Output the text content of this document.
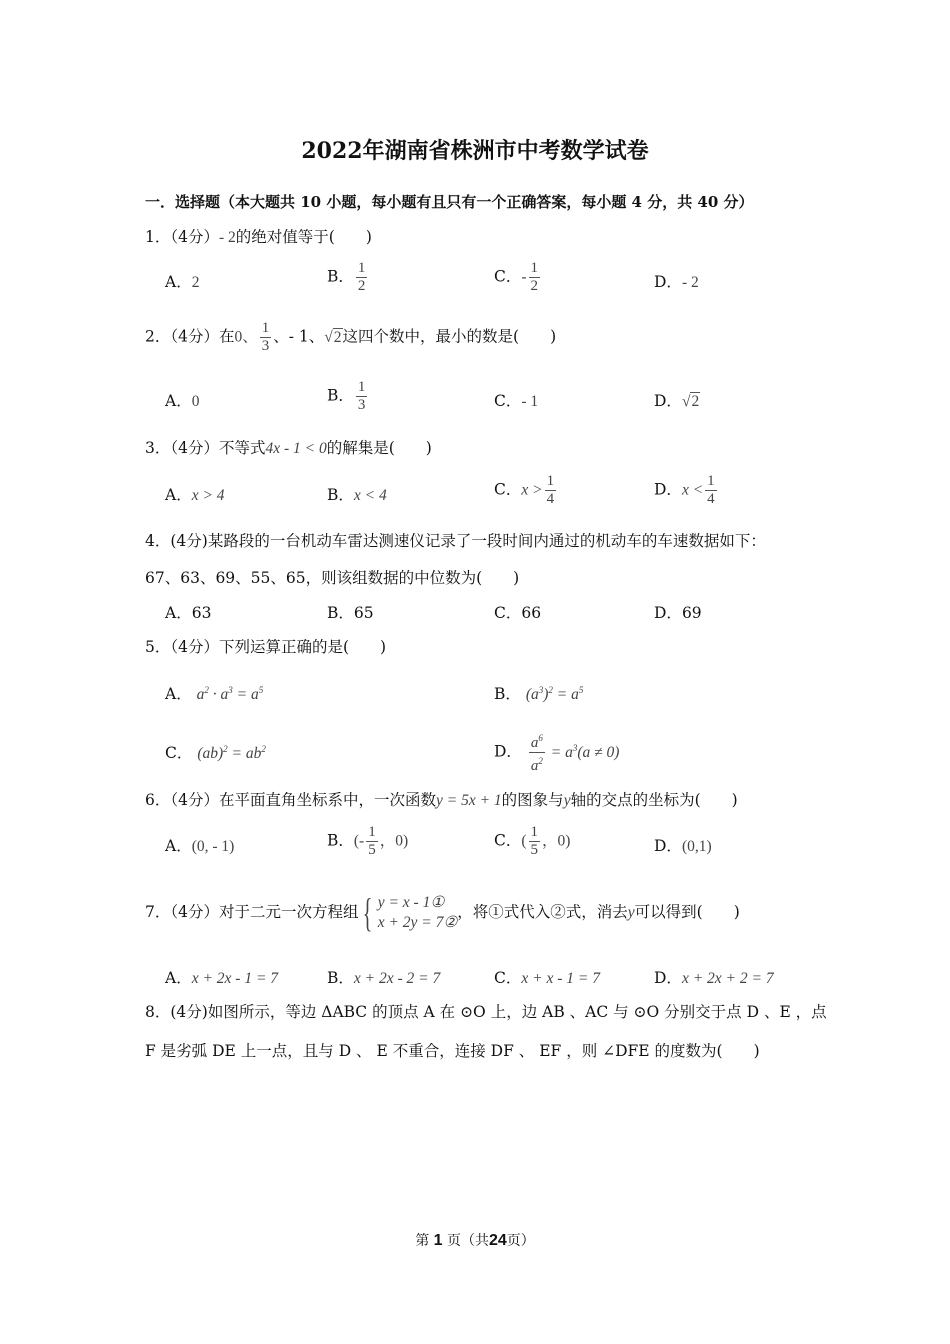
2022年湖南省株洲市中考数学试卷
一．选择题（本大题共 10 小题，每小题有且只有一个正确答案，每小题 4 分，共 40 分）
1．（4分）- 2的绝对值等于(　　)
A．2	B． $\frac{1}{2}$	C．- $\frac{1}{2}$	D．- 2
2．（4分）在0、 $\frac{1}{3}$ 、- 1、√2这四个数中，最小的数是(　　)
A．0	B． $\frac{1}{3}$	C．- 1	D．√2
3．（4分）不等式4x - 1 < 0的解集是(　　)
A．x > 4	B．x < 4	C．$x > \frac{1}{4}$	D．$x < \frac{1}{4}$
4．(4分)某路段的一台机动车雷达测速仪记录了一段时间内通过的机动车的车速数据如下：
67、63、69、55、65，则该组数据的中位数为(　　)
A．63	B．65	C．66	D．69
5．（4分）下列运算正确的是(　　)
A． $a^2 \cdot a^3 = a^5$	B． $(a^3)^2 = a^5$
C． $(ab)^2 = ab^2$	D． $\frac{a^6}{a^2} = a^3(a \ne 0)$
6．（4分）在平面直角坐标系中，一次函数y = 5x + 1的图象与y轴的交点的坐标为(　　)
A．(0, - 1)	B．(- $\frac{1}{5}$ ，0)	C．( $\frac{1}{5}$ ，0)	D．(0,1)
7．（4分）对于二元一次方程组 { y = x - 1①
x + 2y = 7②
，将①式代入②式，消去y可以得到(　　)
A．x + 2x - 1 = 7	B．x + 2x - 2 = 7	C．x + x - 1 = 7	D．x + 2x + 2 = 7
8．(4分)如图所示，等边 ΔABC 的顶点 A 在 ⊙O 上，边 AB 、AC 与 ⊙O 分别交于点 D 、E ，点
F 是劣弧 DE 上一点，且与 D 、 E 不重合，连接 DF 、 EF ，则 ∠DFE 的度数为(　　)
第 1 页（共24页）
